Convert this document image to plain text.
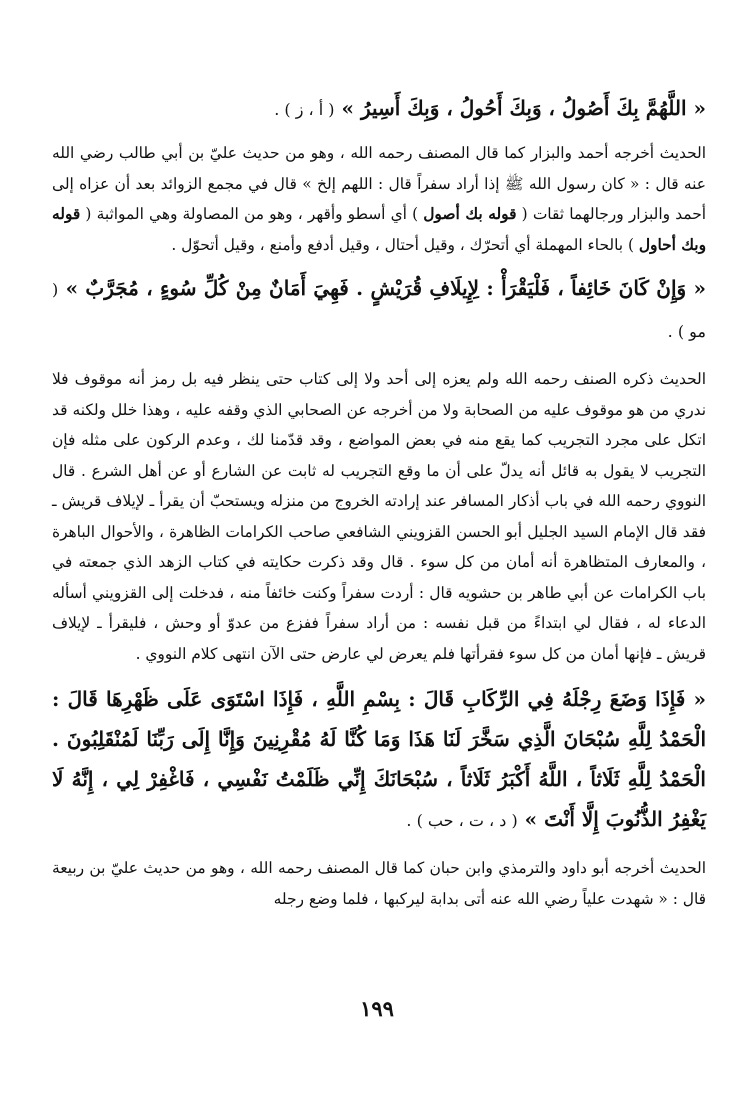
« اللَّهُمَّ بِكَ أَصُولُ ، وَبِكَ أَحُولُ ، وَبِكَ أَسِيرُ » ( أ ، ز ) .

الحديث أخرجه أحمد والبزار كما قال المصنف رحمه الله ، وهو من حديث عليّ بن أبي طالب رضي الله عنه قال : « كان رسول الله ﷺ إذا أراد سفراً قال : اللهم إلخ » قال في مجمع الزوائد بعد أن عزاه إلى أحمد والبزار ورجالهما ثقات ( قوله بك أصول ) أي أسطو وأقهر ، وهو من المصاولة وهي المواثبة ( قوله وبك أحاول ) بالحاء المهملة أي أتحرّك ، وقيل أحتال ، وقيل أدفع وأمنع ، وقيل أتحوّل .

« وَإِنْ كَانَ خَائِفاً ، فَلْيَقْرَأْ : لِإِيلَافِ قُرَيْشٍ . فَهِيَ أَمَانٌ مِنْ كُلِّ سُوءٍ ، مُجَرَّبٌ » ( مو ) .

الحديث ذكره الصنف رحمه الله ولم يعزه إلى أحد ولا إلى كتاب حتى ينظر فيه بل رمز أنه موقوف فلا ندري من هو موقوف عليه من الصحابة ولا من أخرجه عن الصحابي الذي وقفه عليه ، وهذا خلل ولكنه قد اتكل على مجرد التجريب كما يقع منه في بعض المواضع ، وقد قدّمنا لك ، وعدم الركون على مثله فإن التجريب لا يقول به قائل أنه يدلّ على أن ما وقع التجريب له ثابت عن الشارع أو عن أهل الشرع . قال النووي رحمه الله في باب أذكار المسافر عند إرادته الخروج من منزله ويستحبّ أن يقرأ ـ لإيلاف قريش ـ فقد قال الإمام السيد الجليل أبو الحسن القزويني الشافعي صاحب الكرامات الظاهرة ، والأحوال الباهرة ، والمعارف المتظاهرة أنه أمان من كل سوء . قال وقد ذكرت حكايته في كتاب الزهد الذي جمعته في باب الكرامات عن أبي طاهر بن حشويه قال : أردت سفراً وكنت خائفاً منه ، فدخلت إلى القزويني أسأله الدعاء له ، فقال لي ابتداءً من قبل نفسه : من أراد سفراً ففزع من عدوّ أو وحش ، فليقرأ ـ لإيلاف قريش ـ فإنها أمان من كل سوء فقرأتها فلم يعرض لي عارض حتى الآن انتهى كلام النووي .

« فَإِذَا وَضَعَ رِجْلَهُ فِي الرِّكَابِ قَالَ : بِسْمِ اللَّهِ ، فَإِذَا اسْتَوَى عَلَى ظَهْرِهَا قَالَ : الْحَمْدُ لِلَّهِ سُبْحَانَ الَّذِي سَخَّرَ لَنَا هَذَا وَمَا كُنَّا لَهُ مُقْرِنِينَ وَإِنَّا إِلَى رَبِّنَا لَمُنْقَلِبُونَ . الْحَمْدُ لِلَّهِ ثَلَاثاً ، اللَّهُ أَكْبَرُ ثَلَاثاً ، سُبْحَانَكَ إِنِّي ظَلَمْتُ نَفْسِي ، فَاغْفِرْ لِي ، إِنَّهُ لَا يَغْفِرُ الذُّنُوبَ إِلَّا أَنْتَ » ( د ، ت ، حب ) .

الحديث أخرجه أبو داود والترمذي وابن حبان كما قال المصنف رحمه الله ، وهو من حديث عليّ بن ربيعة قال : « شهدت علياً رضي الله عنه أتى بدابة ليركبها ، فلما وضع رجله

١٩٩
